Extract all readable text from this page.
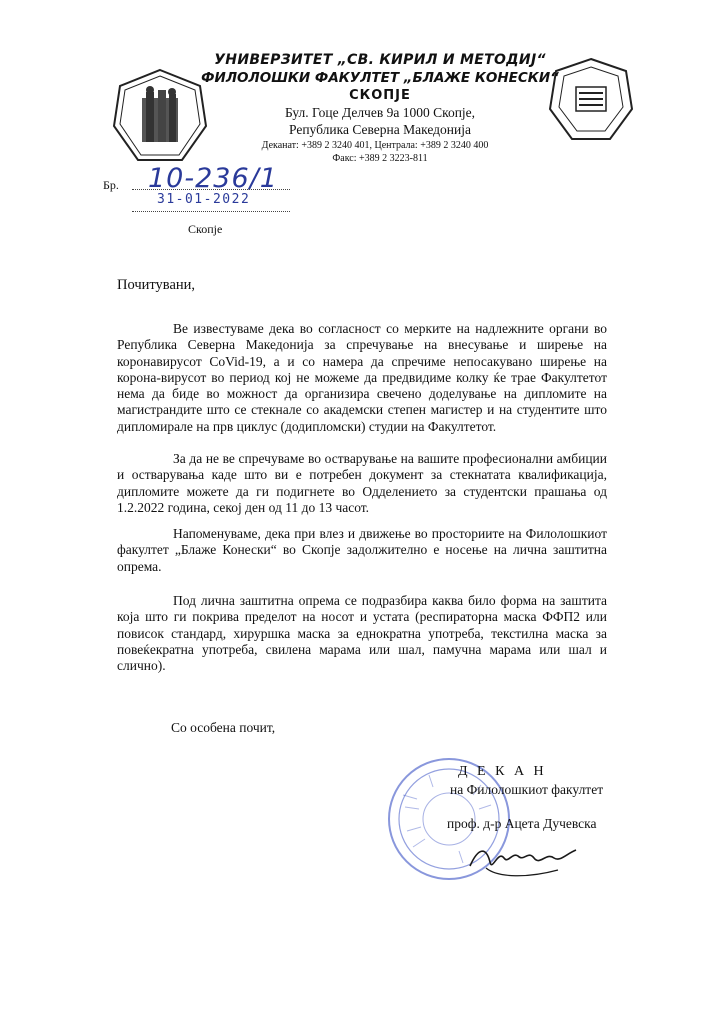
УНИВЕРЗИТЕТ „СВ. КИРИЛ И МЕТОДИЈ“
ФИЛОЛОШКИ ФАКУЛТЕТ „БЛАЖЕ КОНЕСКИ“
СКОПЈЕ
Бул. Гоце Делчев 9а 1000 Скопје,
Република Северна Македонија
Деканат: +389 2 3240 401, Централа: +389 2 3240 400
Факс: +389 2 3223-811
Бр. 10-236/1
31-01-2022
Скопје
Почитувани,
Ве известуваме дека во согласност со мерките на надлежните органи во Република Северна Македонија за спречување на внесување и ширење на коронавирусот CoVid-19, а и со намера да спречиме непосакувано ширење на корона-вирусот во период кој не можеме да предвидиме колку ќе трае Факултетот нема да биде во можност да организира свечено доделување на дипломите на магистрандите што се стекнале со академски степен магистер и на студентите што дипломирале на прв циклус (додипломски) студии на Факултетот.
За да не ве спречуваме во остварување на вашите професионални амбиции и остварувања каде што ви е потребен документ за стекнатата квалификација, дипломите можете да ги подигнете во Одделението за студентски прашања од 1.2.2022 година, секој ден од 11 до 13 часот.
Напоменуваме, дека при влез и движење во просториите на Филолошкиот факултет „Блаже Конески“ во Скопје задолжително е носење на лична заштитна опрема.
Под лична заштитна опрема се подразбира каква било форма на заштита која што ги покрива пределот на носот и устата (респираторна маска ФФП2 или повисок стандард, хируршка маска за еднократна употреба, текстилна маска за повеќекратна употреба, свилена марама или шал, памучна марама или шал и слично).
Со особена почит,
Д Е К А Н
на Филолошкиот факултет
проф. д-р Ацета Дучевска
